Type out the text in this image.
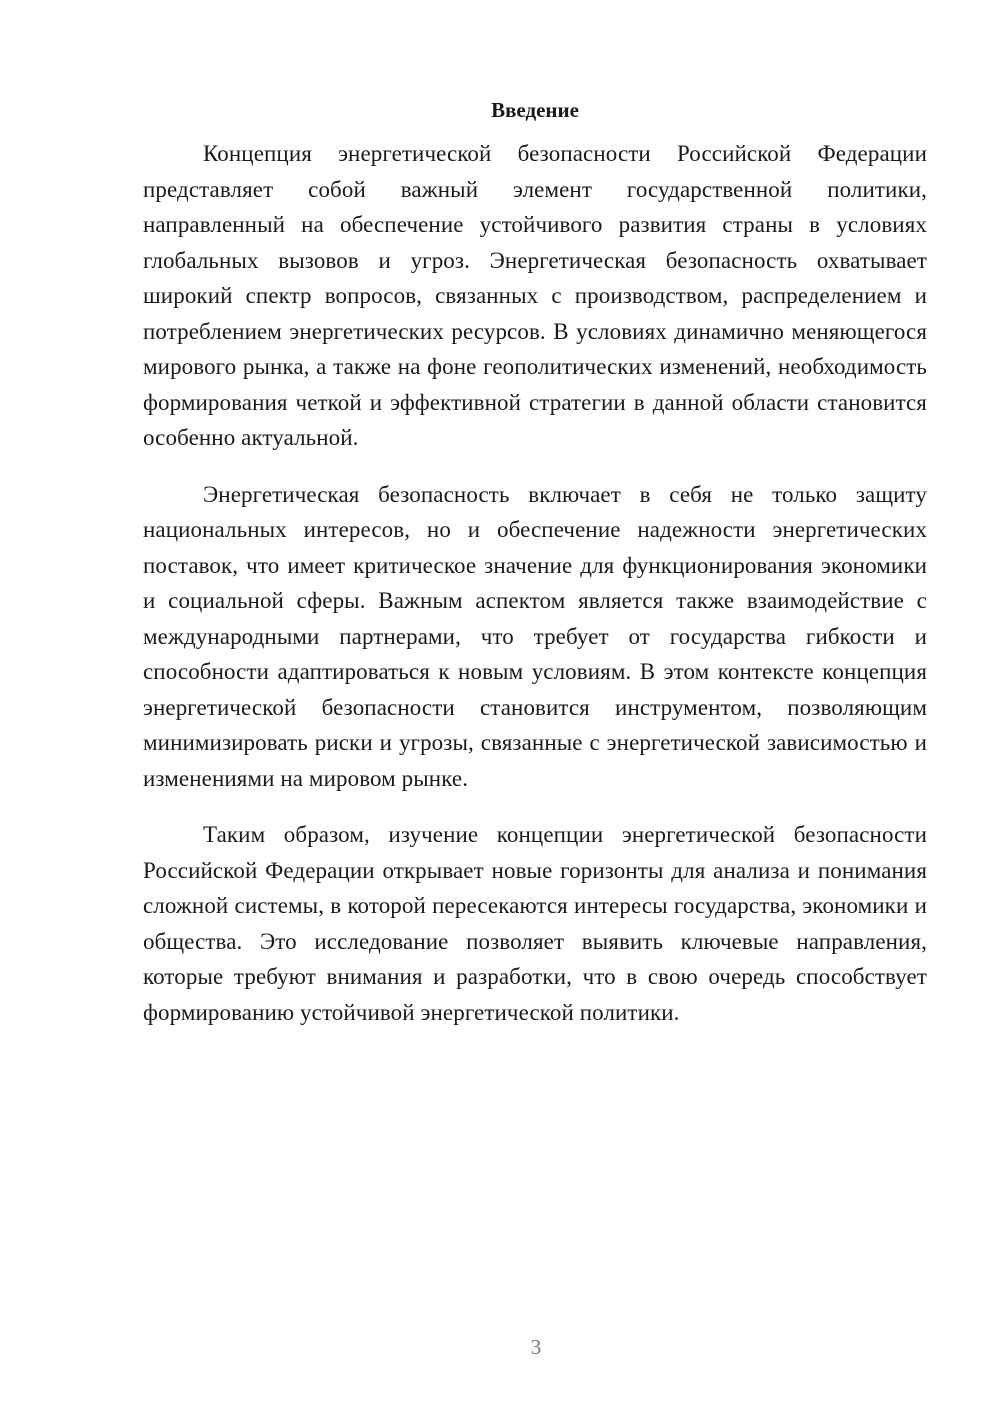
Введение

Концепция энергетической безопасности Российской Федерации представляет собой важный элемент государственной политики, направленный на обеспечение устойчивого развития страны в условиях глобальных вызовов и угроз. Энергетическая безопасность охватывает широкий спектр вопросов, связанных с производством, распределением и потреблением энергетических ресурсов. В условиях динамично меняющегося мирового рынка, а также на фоне геополитических изменений, необходимость формирования четкой и эффективной стратегии в данной области становится особенно актуальной.

Энергетическая безопасность включает в себя не только защиту национальных интересов, но и обеспечение надежности энергетических поставок, что имеет критическое значение для функционирования экономики и социальной сферы. Важным аспектом является также взаимодействие с международными партнерами, что требует от государства гибкости и способности адаптироваться к новым условиям. В этом контексте концепция энергетической безопасности становится инструментом, позволяющим минимизировать риски и угрозы, связанные с энергетической зависимостью и изменениями на мировом рынке.

Таким образом, изучение концепции энергетической безопасности Российской Федерации открывает новые горизонты для анализа и понимания сложной системы, в которой пересекаются интересы государства, экономики и общества. Это исследование позволяет выявить ключевые направления, которые требуют внимания и разработки, что в свою очередь способствует формированию устойчивой энергетической политики.

3
